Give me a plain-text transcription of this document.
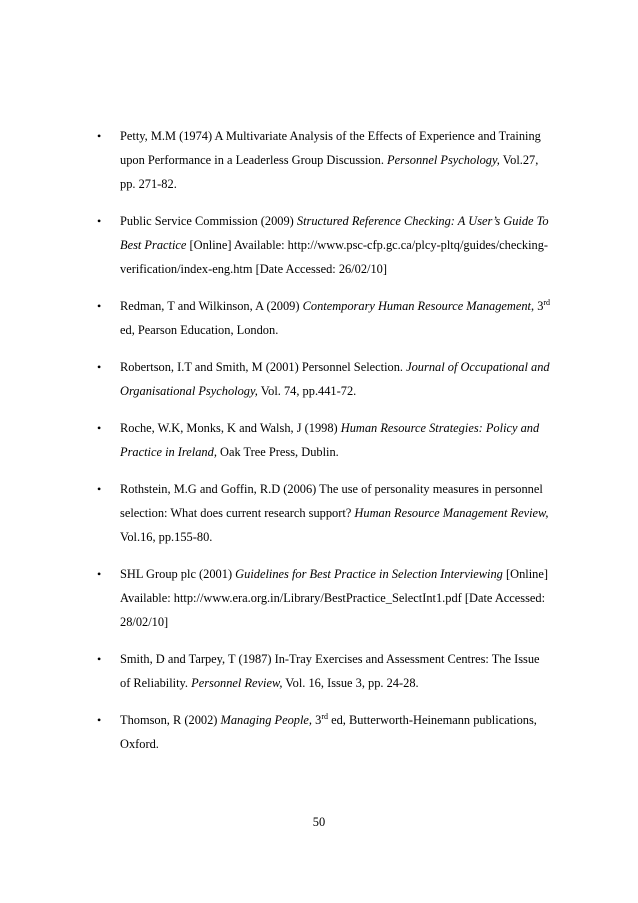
• Petty, M.M (1974) A Multivariate Analysis of the Effects of Experience and Training upon Performance in a Leaderless Group Discussion. Personnel Psychology, Vol.27, pp. 271-82.
• Public Service Commission (2009) Structured Reference Checking: A User’s Guide To Best Practice [Online] Available: http://www.psc-cfp.gc.ca/plcy-pltq/guides/checking-verification/index-eng.htm [Date Accessed: 26/02/10]
• Redman, T and Wilkinson, A (2009) Contemporary Human Resource Management, 3rd ed, Pearson Education, London.
• Robertson, I.T and Smith, M (2001) Personnel Selection. Journal of Occupational and Organisational Psychology, Vol. 74, pp.441-72.
• Roche, W.K, Monks, K and Walsh, J (1998) Human Resource Strategies: Policy and Practice in Ireland, Oak Tree Press, Dublin.
• Rothstein, M.G and Goffin, R.D (2006) The use of personality measures in personnel selection: What does current research support? Human Resource Management Review, Vol.16, pp.155-80.
• SHL Group plc (2001) Guidelines for Best Practice in Selection Interviewing [Online] Available: http://www.era.org.in/Library/BestPractice_SelectInt1.pdf [Date Accessed: 28/02/10]
• Smith, D and Tarpey, T (1987) In-Tray Exercises and Assessment Centres: The Issue of Reliability. Personnel Review, Vol. 16, Issue 3, pp. 24-28.
• Thomson, R (2002) Managing People, 3rd ed, Butterworth-Heinemann publications, Oxford.
50
